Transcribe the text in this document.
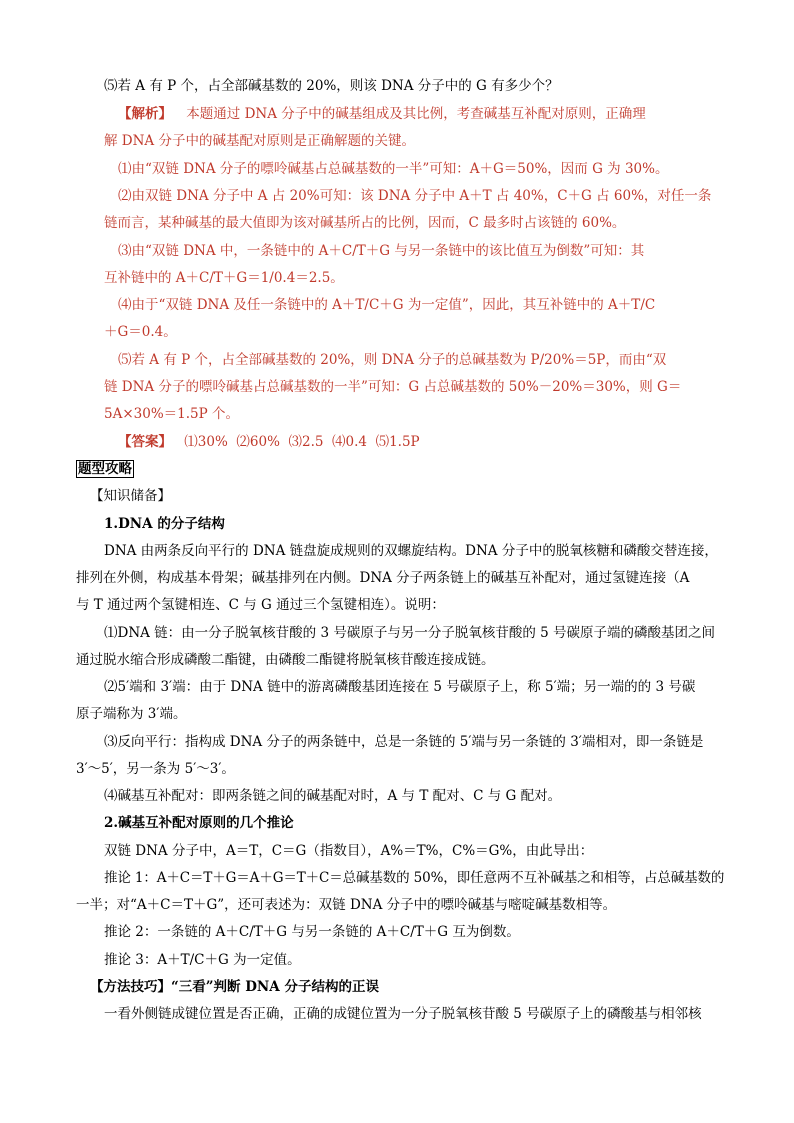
⑸若 A 有 P 个，占全部碱基数的 20%，则该 DNA 分子中的 G 有多少个？
【解析】 本题通过 DNA 分子中的碱基组成及其比例，考查碱基互补配对原则，正确理
解 DNA 分子中的碱基配对原则是正确解题的关键。
⑴由“双链 DNA 分子的嘌呤碱基占总碱基数的一半”可知：A＋G＝50%，因而 G 为 30%。
⑵由双链 DNA 分子中 A 占 20%可知：该 DNA 分子中 A＋T 占 40%，C＋G 占 60%，对任一条
链而言，某种碱基的最大值即为该对碱基所占的比例，因而，C 最多时占该链的 60%。
⑶由“双链 DNA 中，一条链中的 A＋C/T＋G 与另一条链中的该比值互为倒数”可知：其
互补链中的 A＋C/T＋G＝1/0.4＝2.5。
⑷由于“双链 DNA 及任一条链中的 A＋T/C＋G 为一定值”，因此，其互补链中的 A＋T/C
＋G＝0.4。
⑸若 A 有 P 个，占全部碱基数的 20%，则 DNA 分子的总碱基数为 P/20%＝5P，而由“双
链 DNA 分子的嘌呤碱基占总碱基数的一半”可知：G 占总碱基数的 50%－20%＝30%，则 G＝
5A×30%＝1.5P 个。
【答案】 ⑴30%  ⑵60%  ⑶2.5  ⑷0.4  ⑸1.5P
题型攻略
【知识储备】
1.DNA 的分子结构
DNA 由两条反向平行的 DNA 链盘旋成规则的双螺旋结构。DNA 分子中的脱氧核糖和磷酸交替连接，
排列在外侧，构成基本骨架；碱基排列在内侧。DNA 分子两条链上的碱基互补配对，通过氢键连接（A
与 T 通过两个氢键相连、C 与 G 通过三个氢键相连）。说明：
⑴DNA 链：由一分子脱氧核苷酸的 3 号碳原子与另一分子脱氧核苷酸的 5 号碳原子端的磷酸基团之间
通过脱水缩合形成磷酸二酯键，由磷酸二酯键将脱氧核苷酸连接成链。
⑵5′端和 3′端：由于 DNA 链中的游离磷酸基团连接在 5 号碳原子上，称 5′端；另一端的的 3 号碳
原子端称为 3′端。
⑶反向平行：指构成 DNA 分子的两条链中，总是一条链的 5′端与另一条链的 3′端相对，即一条链是
3′～5′，另一条为 5′～3′。
⑷碱基互补配对：即两条链之间的碱基配对时，A 与 T 配对、C 与 G 配对。
2.碱基互补配对原则的几个推论
双链 DNA 分子中，A＝T，C＝G（指数目），A%＝T%，C%＝G%，由此导出：
推论 1：A＋C＝T＋G＝A＋G＝T＋C＝总碱基数的 50%，即任意两不互补碱基之和相等，占总碱基数的
一半；对“A＋C＝T＋G”，还可表述为：双链 DNA 分子中的嘌呤碱基与嘧啶碱基数相等。
推论 2：一条链的 A＋C/T＋G 与另一条链的 A＋C/T＋G 互为倒数。
推论 3：A＋T/C＋G 为一定值。
【方法技巧】“三看”判断 DNA 分子结构的正误
一看外侧链成键位置是否正确，正确的成键位置为一分子脱氧核苷酸 5 号碳原子上的磷酸基与相邻核
